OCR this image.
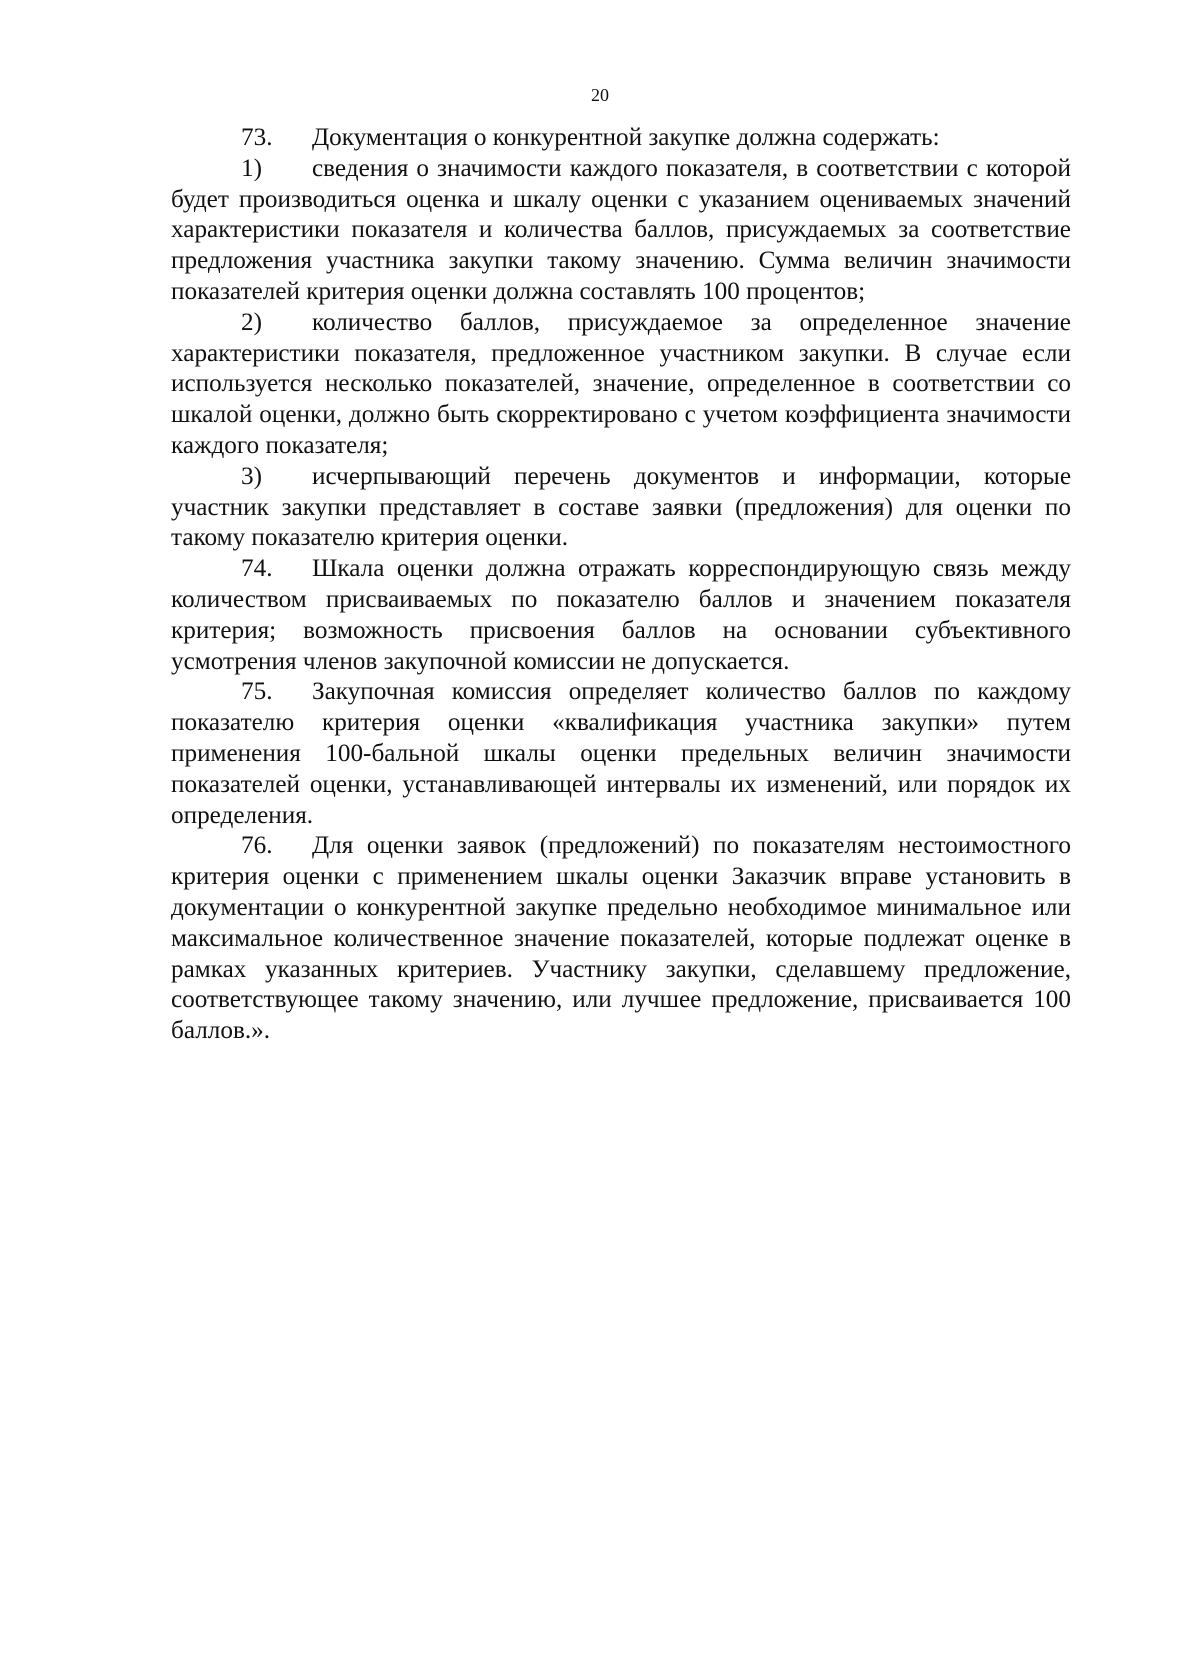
20

73. Документация о конкурентной закупке должна содержать:

1) сведения о значимости каждого показателя, в соответствии с которой будет производиться оценка и шкалу оценки с указанием оцениваемых значений характеристики показателя и количества баллов, присуждаемых за соответствие предложения участника закупки такому значению. Сумма величин значимости показателей критерия оценки должна составлять 100 процентов;

2) количество баллов, присуждаемое за определенное значение характеристики показателя, предложенное участником закупки. В случае если используется несколько показателей, значение, определенное в соответствии со шкалой оценки, должно быть скорректировано с учетом коэффициента значимости каждого показателя;

3) исчерпывающий перечень документов и информации, которые участник закупки представляет в составе заявки (предложения) для оценки по такому показателю критерия оценки.

74. Шкала оценки должна отражать корреспондирующую связь между количеством присваиваемых по показателю баллов и значением показателя критерия; возможность присвоения баллов на основании субъективного усмотрения членов закупочной комиссии не допускается.

75. Закупочная комиссия определяет количество баллов по каждому показателю критерия оценки «квалификация участника закупки» путем применения 100-бальной шкалы оценки предельных величин значимости показателей оценки, устанавливающей интервалы их изменений, или порядок их определения.

76. Для оценки заявок (предложений) по показателям нестоимостного критерия оценки с применением шкалы оценки Заказчик вправе установить в документации о конкурентной закупке предельно необходимое минимальное или максимальное количественное значение показателей, которые подлежат оценке в рамках указанных критериев. Участнику закупки, сделавшему предложение, соответствующее такому значению, или лучшее предложение, присваивается 100 баллов.».
